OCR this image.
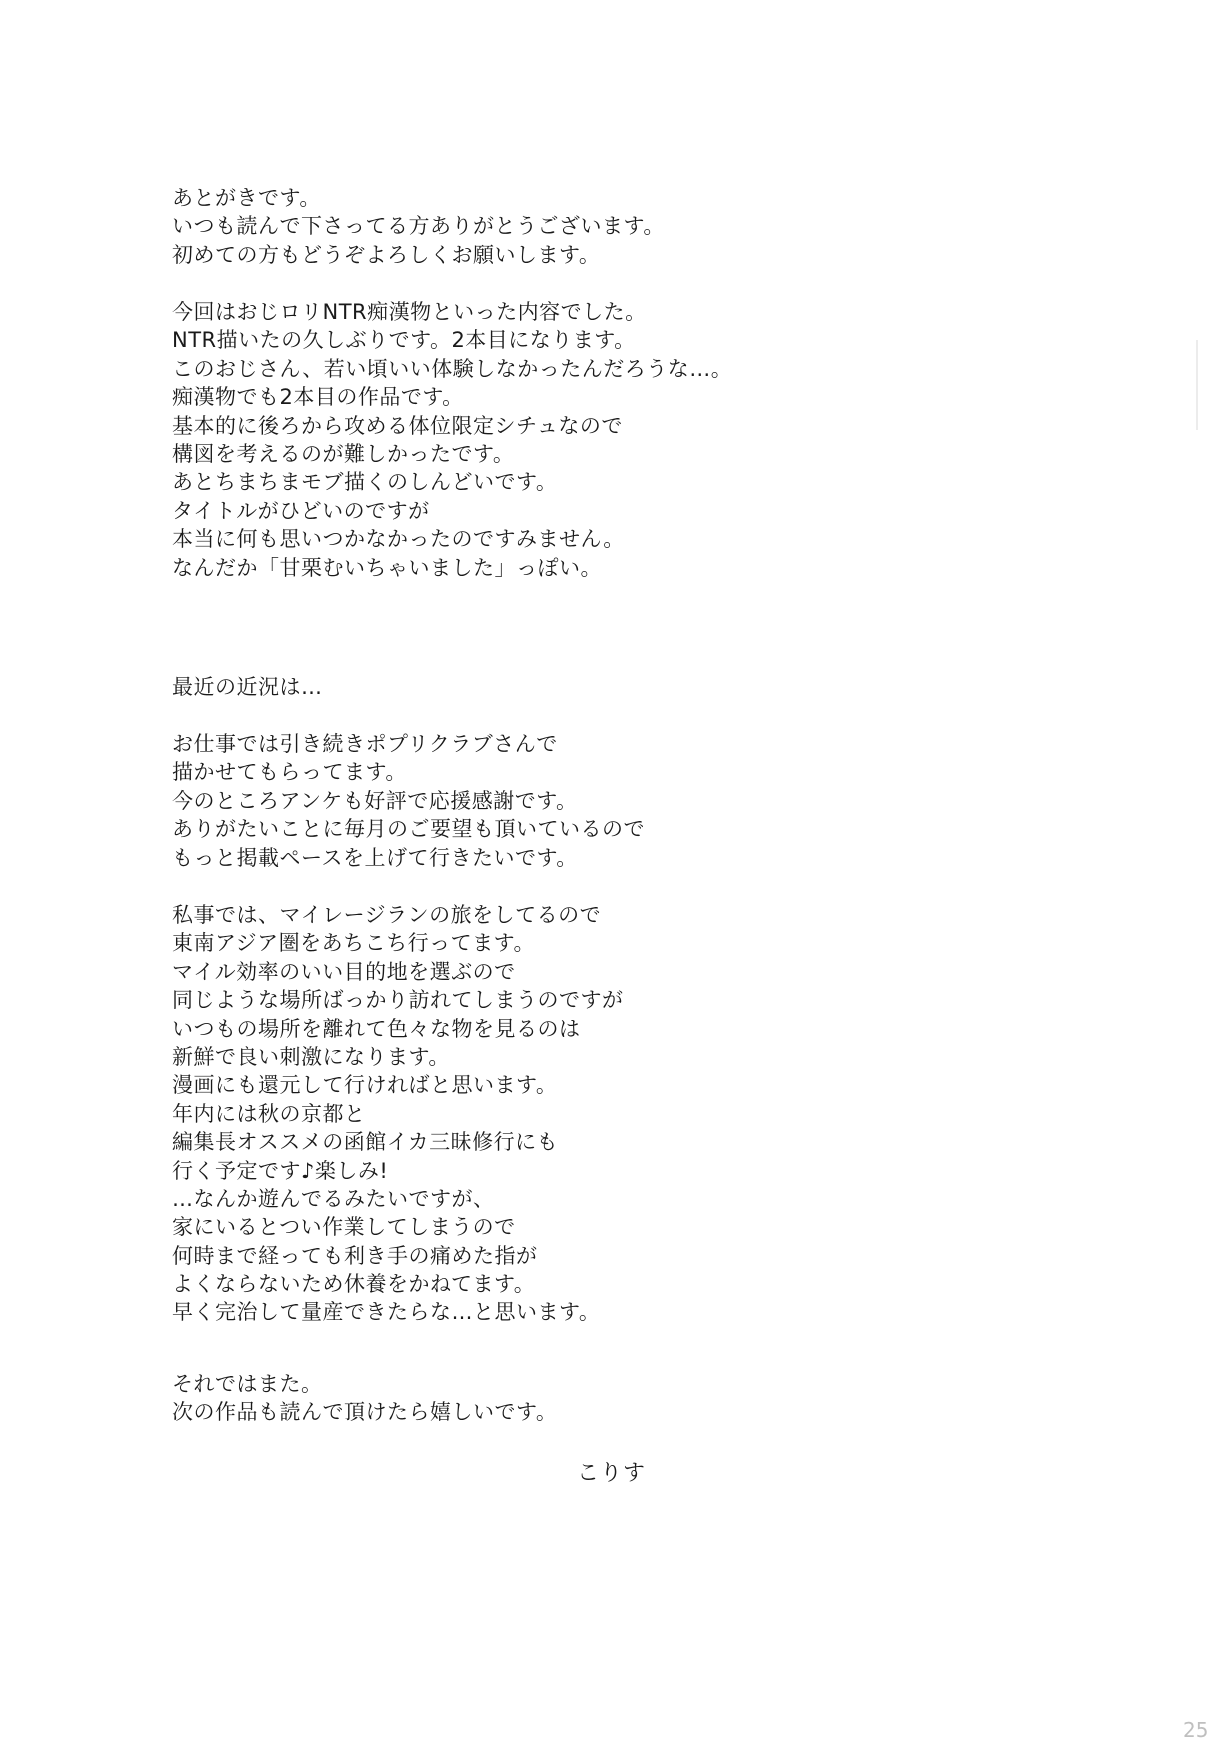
あとがきです。
いつも読んで下さってる方ありがとうございます。
初めての方もどうぞよろしくお願いします。
今回はおじロリNTR痴漢物といった内容でした。
NTR描いたの久しぶりです。2本目になります。
このおじさん、若い頃いい体験しなかったんだろうな…。
痴漢物でも2本目の作品です。
基本的に後ろから攻める体位限定シチュなので
構図を考えるのが難しかったです。
あとちまちまモブ描くのしんどいです。
タイトルがひどいのですが
本当に何も思いつかなかったのですみません。
なんだか「甘栗むいちゃいました」っぽい。
最近の近況は…
お仕事では引き続きポプリクラブさんで
描かせてもらってます。
今のところアンケも好評で応援感謝です。
ありがたいことに毎月のご要望も頂いているので
もっと掲載ペースを上げて行きたいです。
私事では、マイレージランの旅をしてるので
東南アジア圏をあちこち行ってます。
マイル効率のいい目的地を選ぶので
同じような場所ばっかり訪れてしまうのですが
いつもの場所を離れて色々な物を見るのは
新鮮で良い刺激になります。
漫画にも還元して行ければと思います。
年内には秋の京都と
編集長オススメの函館イカ三昧修行にも
行く予定です♪楽しみ!
…なんか遊んでるみたいですが、
家にいるとつい作業してしまうので
何時まで経っても利き手の痛めた指が
よくならないため休養をかねてます。
早く完治して量産できたらな…と思います。
それではまた。
次の作品も読んで頂けたら嬉しいです。
こりす
25
